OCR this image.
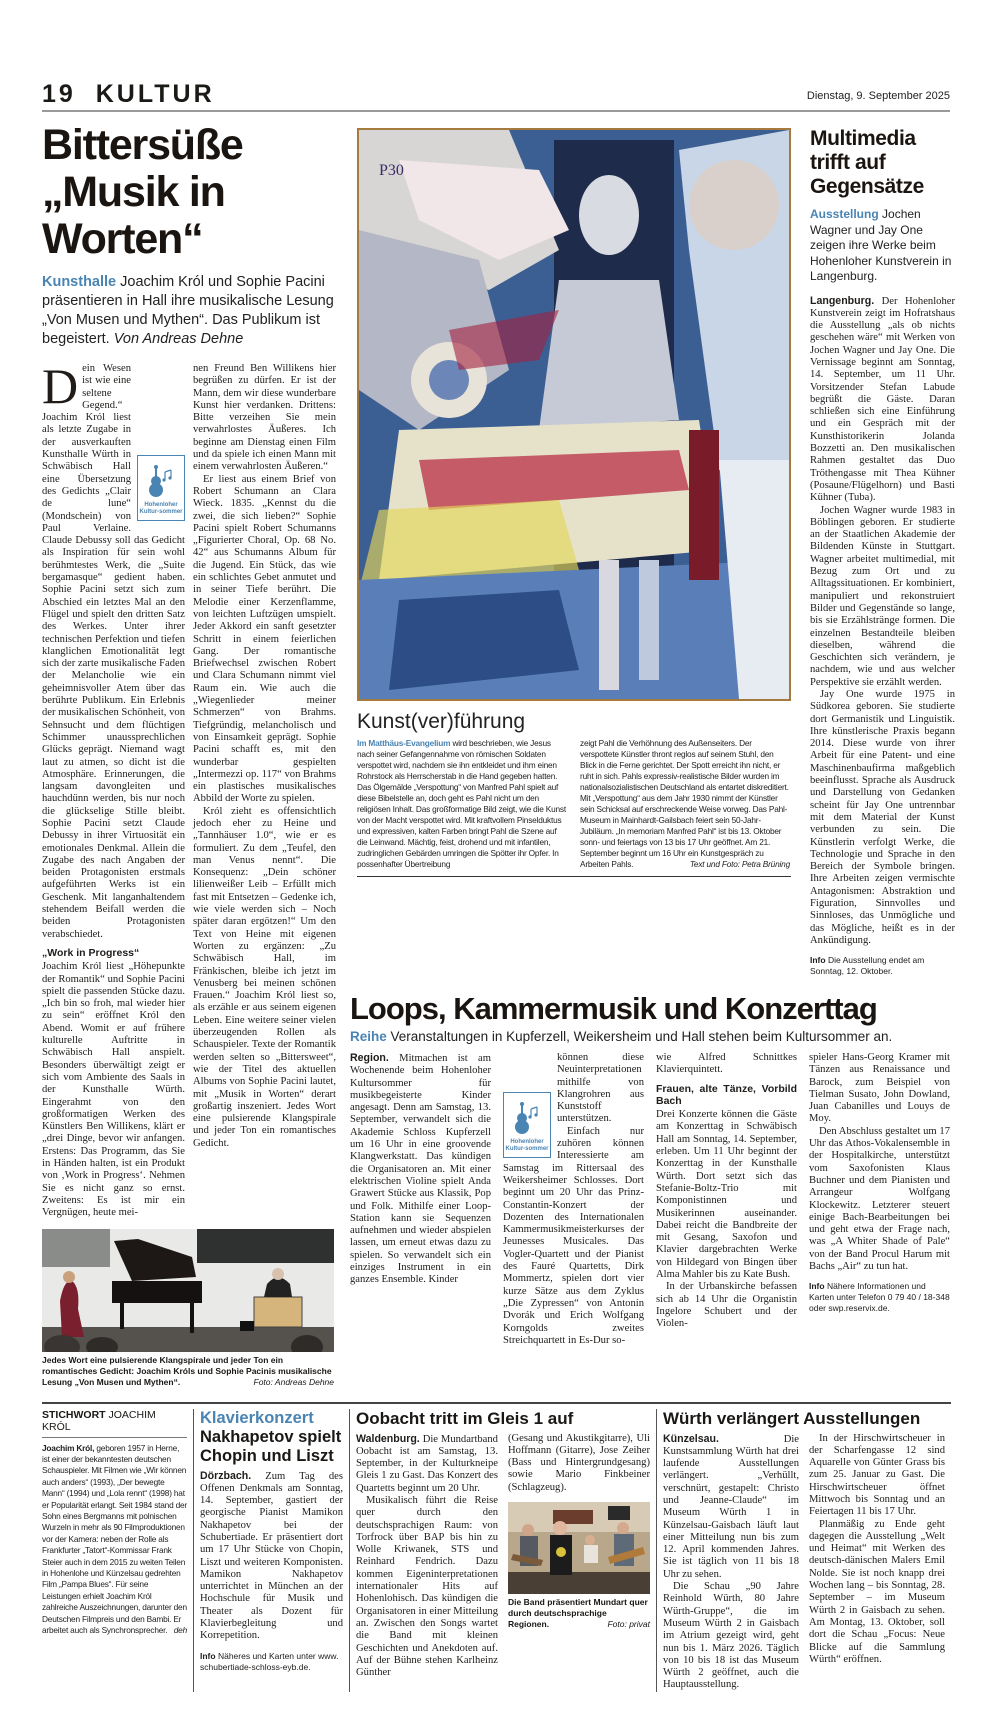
19 KULTUR	Dienstag, 9. September 2025
Bittersüße „Musik in Worten“
Kunsthalle Joachim Król und Sophie Pacini präsentieren in Hall ihre musikalische Lesung „Von Musen und Mythen“. Das Publikum ist begeistert. Von Andreas Dehne
D
Hohenloher Kultur-sommer

ein Wesen ist wie eine seltene Gegend.“ Joachim Król liest als letzte Zugabe in der ausverkauften Kunsthalle Würth in Schwäbisch Hall eine Übersetzung des Gedichts „Clair de lune“ (Mondschein) von Paul Verlaine. Claude Debussy soll das Gedicht als Inspiration für sein wohl berühmtestes Werk, die „Suite bergamasque“ gedient haben. Sophie Pacini setzt sich zum Abschied ein letztes Mal an den Flügel und spielt den dritten Satz des Werkes. Unter ihrer technischen Perfektion und tiefen klanglichen Emotionalität legt sich der zarte musikalische Faden der Melancholie wie ein geheimnisvoller Atem über das berührte Publikum. Ein Erlebnis der musikalischen Schönheit, von Sehnsucht und dem flüchtigen Schimmer unaussprechlichen Glücks geprägt. Niemand wagt laut zu atmen, so dicht ist die Atmosphäre. Erinnerungen, die langsam davongleiten und hauchdünn werden, bis nur noch die glückselige Stille bleibt. Sophie Pacini setzt Claude Debussy in ihrer Virtuosität ein emotionales Denkmal. Allein die Zugabe des nach Angaben der beiden Protagonisten erstmals aufgeführten Werks ist ein Geschenk. Mit langanhaltendem stehendem Beifall werden die beiden Protagonisten verabschiedet.

„Work in Progress“

Joachim Król liest „Höhepunkte der Romantik“ und Sophie Pacini spielt die passenden Stücke dazu. „Ich bin so froh, mal wieder hier zu sein“ eröffnet Król den Abend. Womit er auf frühere kulturelle Auftritte in Schwäbisch Hall anspielt. Besonders überwältigt zeigt er sich vom Ambiente des Saals in der Kunsthalle Würth. Eingerahmt von den großformatigen Werken des Künstlers Ben Willikens, klärt er „drei Dinge, bevor wir anfangen. Erstens: Das Programm, das Sie in Händen halten, ist ein Produkt von ‚Work in Progress‘. Nehmen Sie es nicht ganz so ernst. Zweitens: Es ist mir ein Vergnügen, heute mei-

nen Freund Ben Willikens hier begrüßen zu dürfen. Er ist der Mann, dem wir diese wunderbare Kunst hier verdanken. Drittens: Bitte verzeihen Sie mein verwahrlostes Äußeres. Ich beginne am Dienstag einen Film und da spiele ich einen Mann mit einem verwahrlosten Äußeren.“

Er liest aus einem Brief von Robert Schumann an Clara Wieck. 1835. „Kennst du die zwei, die sich lieben?“ Sophie Pacini spielt Robert Schumanns „Figurierter Choral, Op. 68 No. 42“ aus Schumanns Album für die Jugend. Ein Stück, das wie ein schlichtes Gebet anmutet und in seiner Tiefe berührt. Die Melodie einer Kerzenflamme, von leichten Luftzügen umspielt. Jeder Akkord ein sanft gesetzter Schritt in einem feierlichen Gang. Der romantische Briefwechsel zwischen Robert und Clara Schumann nimmt viel Raum ein. Wie auch die „Wiegenlieder meiner Schmerzen“ von Brahms. Tiefgründig, melancholisch und von Einsamkeit geprägt. Sophie Pacini schafft es, mit den wunderbar gespielten „Intermezzi op. 117“ von Brahms ein plastisches musikalisches Abbild der Worte zu spielen.

Król zieht es offensichtlich jedoch eher zu Heine und „Tannhäuser 1.0“, wie er es formuliert. Zu dem „Teufel, den man Venus nennt“. Die Konsequenz: „Dein schöner lilienweißer Leib – Erfüllt mich fast mit Entsetzen – Gedenke ich, wie viele werden sich – Noch später daran ergötzen!“ Um den Text von Heine mit eigenen Worten zu ergänzen: „Zu Schwäbisch Hall, im Fränkischen, bleibe ich jetzt im Venusberg bei meinen schönen Frauen.“ Joachim Król liest so, als erzähle er aus seinem eigenen Leben. Eine weitere seiner vielen überzeugenden Rollen als Schauspieler. Texte der Romantik werden selten so „Bittersweet“, wie der Titel des aktuellen Albums von Sophie Pacini lautet, mit „Musik in Worten“ derart großartig inszeniert. Jedes Wort eine pulsierende Klangspirale und jeder Ton ein romantisches Gedicht.

Jedes Wort eine pulsierende Klangspirale und jeder Ton ein romantisches Gedicht: Joachim Króls und Sophie Pacinis musikalische Lesung „Von Musen und Mythen“.	Foto: Andreas Dehne
P30
Kunst(ver)führung
Im Matthäus-Evangelium wird beschrieben, wie Jesus nach seiner Gefangennahme von römischen Soldaten verspottet wird, nachdem sie ihn entkleidet und ihm einen Rohrstock als Herrscherstab in die Hand gegeben hatten. Das Ölgemälde „Verspottung“ von Manfred Pahl spielt auf diese Bibelstelle an, doch geht es Pahl nicht um den religiösen Inhalt. Das großformatige Bild zeigt, wie die Kunst von der Macht verspottet wird. Mit kraftvollem Pinselduktus und expressiven, kalten Farben bringt Pahl die Szene auf die Leinwand. Mächtig, feist, drohend und mit infantilen, zudringlichen Gebärden umringen die Spötter ihr Opfer. In possenhafter Übertreibung
zeigt Pahl die Verhöhnung des Außenseiters. Der verspottete Künstler thront reglos auf seinem Stuhl, den Blick in die Ferne gerichtet. Der Spott erreicht ihn nicht, er ruht in sich. Pahls expressiv-realistische Bilder wurden im nationalsozialistischen Deutschland als entartet diskreditiert. Mit „Verspottung“ aus dem Jahr 1930 nimmt der Künstler sein Schicksal auf erschreckende Weise vorweg. Das Pahl-Museum in Mainhardt-Gailsbach feiert sein 50-Jahr-Jubiläum. „In memoriam Manfred Pahl“ ist bis 13. Oktober sonn- und feiertags von 13 bis 17 Uhr geöffnet. Am 21. September beginnt um 16 Uhr ein Kunstgespräch zu Arbeiten Pahls.	Text und Foto: Petra Brüning
Multimedia trifft auf Gegensätze
Ausstellung Jochen Wagner und Jay One zeigen ihre Werke beim Hohenloher Kunstverein in Langenburg.

Langenburg. Der Hohenloher Kunstverein zeigt im Hofratshaus die Ausstellung „als ob nichts geschehen wäre“ mit Werken von Jochen Wagner und Jay One. Die Vernissage beginnt am Sonntag, 14. September, um 11 Uhr. Vorsitzender Stefan Labude begrüßt die Gäste. Daran schließen sich eine Einführung und ein Gespräch mit der Kunsthistorikerin Jolanda Bozzetti an. Den musikalischen Rahmen gestaltet das Duo Tröthengasse mit Thea Kühner (Posaune/Flügelhorn) und Basti Kühner (Tuba).

Jochen Wagner wurde 1983 in Böblingen geboren. Er studierte an der Staatlichen Akademie der Bildenden Künste in Stuttgart. Wagner arbeitet multimedial, mit Bezug zum Ort und zu Alltagssituationen. Er kombiniert, manipuliert und rekonstruiert Bilder und Gegenstände so lange, bis sie Erzählstränge formen. Die einzelnen Bestandteile bleiben dieselben, während die Geschichten sich verändern, je nachdem, wie und aus welcher Perspektive sie erzählt werden.

Jay One wurde 1975 in Südkorea geboren. Sie studierte dort Germanistik und Linguistik. Ihre künstlerische Praxis begann 2014. Diese wurde von ihrer Arbeit für eine Patent- und eine Maschinenbaufirma maßgeblich beeinflusst. Sprache als Ausdruck und Darstellung von Gedanken scheint für Jay One untrennbar mit dem Material der Kunst verbunden zu sein. Die Künstlerin verfolgt Werke, die Technologie und Sprache in den Bereich der Symbole bringen. Ihre Arbeiten zeigen vermischte Antagonismen: Abstraktion und Figuration, Sinnvolles und Sinnloses, das Unmögliche und das Mögliche, heißt es in der Ankündigung.

Info Die Ausstellung endet am Sonntag, 12. Oktober.
Loops, Kammermusik und Konzerttag
Reihe Veranstaltungen in Kupferzell, Weikersheim und Hall stehen beim Kultursommer an.

Region. Mitmachen ist am Wochenende beim Hohenloher Kultursommer für musikbegeisterte Kinder angesagt. Denn am Samstag, 13. September, verwandelt sich die Akademie Schloss Kupferzell um 16 Uhr in eine groovende Klangwerkstatt. Das kündigen die Organisatoren an. Mit einer elektrischen Violine spielt Anda Grawert Stücke aus Klassik, Pop und Folk. Mithilfe einer Loop-Station kann sie Sequenzen aufnehmen und wieder abspielen lassen, um erneut etwas dazu zu spielen. So verwandelt sich ein einziges Instrument in ein ganzes Ensemble. Kinder

Hohenloher Kultur-sommer

können diese Neuinterpretationen mithilfe von Klangrohren aus Kunststoff unterstützen.

Einfach nur zuhören können Interessierte am Samstag im Rittersaal des Weikersheimer Schlosses. Dort beginnt um 20 Uhr das Prinz-Constantin-Konzert der Dozenten des Internationalen Kammermusikmeisterkurses der Jeunesses Musicales. Das Vogler-Quartett und der Pianist des Fauré Quartetts, Dirk Mommertz, spielen dort vier kurze Sätze aus dem Zyklus „Die Zypressen“ von Antonín Dvorák und Erich Wolfgang Korngolds zweites Streichquartett in Es-Dur so-

wie Alfred Schnittkes Klavierquintett.

Frauen, alte Tänze, Vorbild Bach

Drei Konzerte können die Gäste am Konzerttag in Schwäbisch Hall am Sonntag, 14. September, erleben. Um 11 Uhr beginnt der Konzerttag in der Kunsthalle Würth. Dort setzt sich das Stefanie-Boltz-Trio mit Komponistinnen und Musikerinnen auseinander. Dabei reicht die Bandbreite der mit Gesang, Saxofon und Klavier dargebrachten Werke von Hildegard von Bingen über Alma Mahler bis zu Kate Bush.

In der Urbanskirche befassen sich ab 14 Uhr die Organistin Ingelore Schubert und der Violen-

spieler Hans-Georg Kramer mit Tänzen aus Renaissance und Barock, zum Beispiel von Tielman Susato, John Dowland, Juan Cabanilles und Louys de Moy.

Den Abschluss gestaltet um 17 Uhr das Athos-Vokalensemble in der Hospitalkirche, unterstützt vom Saxofonisten Klaus Buchner und dem Pianisten und Arrangeur Wolfgang Klockewitz. Letzterer steuert einige Bach-Bearbeitungen bei und geht etwa der Frage nach, was „A Whiter Shade of Pale“ von der Band Procul Harum mit Bachs „Air“ zu tun hat.

Info Nähere Informationen und Karten unter Telefon 0 79 40 / 18-348 oder swp.reservix.de.
STICHWORT JOACHIM KRÓL
Joachim Król, geboren 1957 in Herne, ist einer der bekanntesten deutschen Schauspieler. Mit Filmen wie „Wir können auch anders“ (1993), „Der bewegte Mann“ (1994) und „Lola rennt“ (1998) hat er Popularität erlangt. Seit 1984 stand der Sohn eines Bergmanns mit polnischen Wurzeln in mehr als 90 Filmproduktionen vor der Kamera: neben der Rolle als Frankfurter „Tatort“-Kommissar Frank Steier auch in dem 2015 zu weiten Teilen in Hohenlohe und Künzelsau gedrehten Film „Pampa Blues“. Für seine Leistungen erhielt Joachim Król zahlreiche Auszeichnungen, darunter den Deutschen Filmpreis und den Bambi. Er arbeitet auch als Synchronsprecher. deh
Klavierkonzert
Nakhapetov spielt Chopin und Liszt

Dörzbach. Zum Tag des Offenen Denkmals am Sonntag, 14. September, gastiert der georgische Pianist Mamikon Nakhapetov bei der Schubertiade. Er präsentiert dort um 17 Uhr Stücke von Chopin, Liszt und weiteren Komponisten. Mamikon Nakhapetov unterrichtet in München an der Hochschule für Musik und Theater als Dozent für Klavierbegleitung und Korrepetition.

Info Näheres und Karten unter www. schubertiade-schloss-eyb.de.
Oobacht tritt im Gleis 1 auf

Waldenburg. Die Mundartband Oobacht ist am Samstag, 13. September, in der Kulturkneipe Gleis 1 zu Gast. Das Konzert des Quartetts beginnt um 20 Uhr.

Musikalisch führt die Reise quer durch den deutschsprachigen Raum: von Torfrock über BAP bis hin zu Wolle Kriwanek, STS und Reinhard Fendrich. Dazu kommen Eigeninterpretationen internationaler Hits auf Hohenlohisch. Das kündigen die Organisatoren in einer Mitteilung an. Zwischen den Songs wartet die Band mit kleinen Geschichten und Anekdoten auf. Auf der Bühne stehen Karlheinz Günther

(Gesang und Akustikgitarre), Uli Hoffmann (Gitarre), Jose Zeiher (Bass und Hintergrundgesang) sowie Mario Finkbeiner (Schlagzeug).

Die Band präsentiert Mundart quer durch deutschsprachige Regionen.	Foto: privat
Würth verlängert Ausstellungen

Künzelsau.	Die Kunstsammlung Würth hat drei laufende Ausstellungen verlängert. „Verhüllt, verschnürt, gestapelt: Christo und Jeanne-Claude“ im Museum Würth 1 in Künzelsau-Gaisbach läuft laut einer Mitteilung nun bis zum 12. April kommenden Jahres. Sie ist täglich von 11 bis 18 Uhr zu sehen.

Die Schau „90 Jahre Reinhold Würth, 80 Jahre Würth-Gruppe“, die im Museum Würth 2 in Gaisbach im Atrium gezeigt wird, geht nun bis 1. März 2026. Täglich von 10 bis 18 ist das Museum Würth 2 geöffnet, auch die Hauptausstellung.

In der Hirschwirtscheuer in der Scharfengasse 12 sind Aquarelle von Günter Grass bis zum 25. Januar zu Gast. Die Hirschwirtscheuer öffnet Mittwoch bis Sonntag und an Feiertagen 11 bis 17 Uhr.

Planmäßig zu Ende geht dagegen die Ausstellung „Welt und Heimat“ mit Werken des deutsch-dänischen Malers Emil Nolde. Sie ist noch knapp drei Wochen lang – bis Sonntag, 28. September – im Museum Würth 2 in Gaisbach zu sehen. Am Montag, 13. Oktober, soll dort die Schau „Focus: Neue Blicke auf die Sammlung Würth“ eröffnen.
